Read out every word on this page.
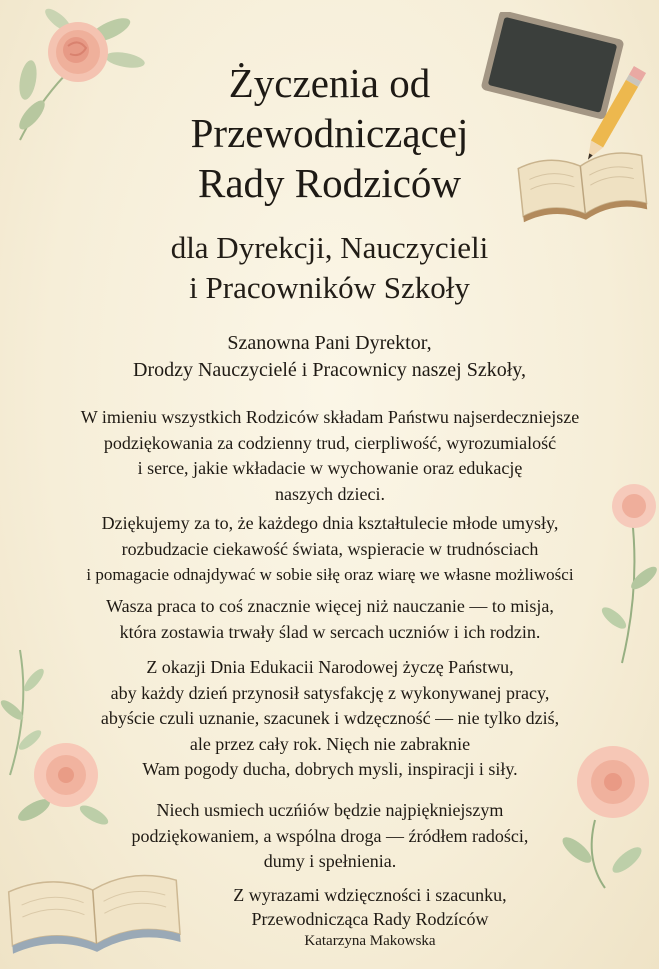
Życzenia od
Przewodniczącej
Rady Rodziców
dla Dyrekcji, Nauczycieli
i Pracowników Szkoły
Szanowna Pani Dyrektor,
Drodzy Nauczycielé i Pracownicy naszej Szkoły,
W imieniu wszystkich Rodziców składam Państwu najserdeczniejsze
podziękowania za codzienny trud, cierpliwość, wyrozumialość
i serce, jakie wkładacie w wychowanie oraz edukację
naszych dzieci.
Dziękujemy za to, że każdego dnia kształtulecie młode umysły,
rozbudzacie ciekawość świata, wspieracie w trudnósciach
i pomagacie odnajdywać w sobie siłę oraz wiarę we własne możliwości
Wasza praca to coś znacznie więcej niż nauczanie — to misja,
która zostawia trwały ślad w sercach uczniów i ich rodzin.
Z okazji Dnia Edukacii Narodowej życzę Państwu,
aby każdy dzień przynosił satysfakcję z wykonywanej pracy,
abyście czuli uznanie, szacunek i wdzęczność — nie tylko dziś,
ale przez cały rok. Nięch nie zabraknie
Wam pogody ducha, dobrych mysli, inspiracji i siły.
Niech usmiech uczńiów będzie najpiękniejszym
podziękowaniem, a wspólna droga — źródłem radości,
dumy i spełnienia.
Z wyrazami wdzięczności i szacunku,
Przewodnicząca Rady Rodzíców
Katarzyna Makowska
